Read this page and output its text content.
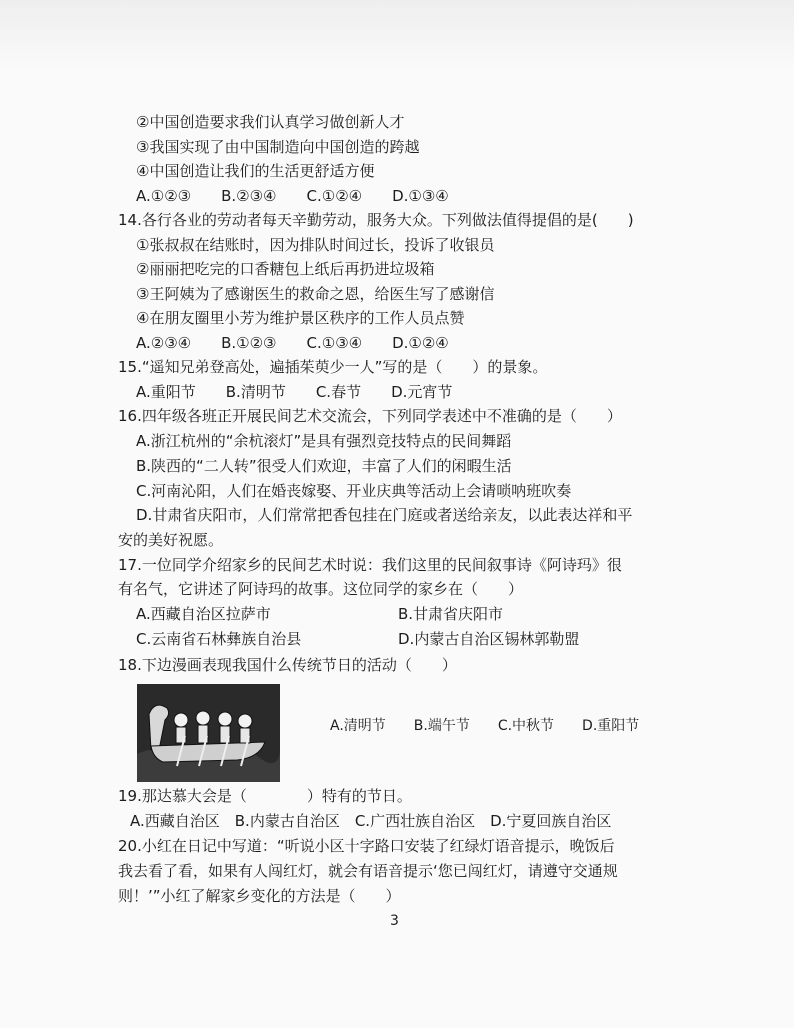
②中国创造要求我们认真学习做创新人才
③我国实现了由中国制造向中国创造的跨越
④中国创造让我们的生活更舒适方便
A.①②③　　B.②③④　　C.①②④　　D.①③④
14.各行各业的劳动者每天辛勤劳动，服务大众。下列做法值得提倡的是(　　)
①张叔叔在结账时，因为排队时间过长，投诉了收银员
②丽丽把吃完的口香糖包上纸后再扔进垃圾箱
③王阿姨为了感谢医生的救命之恩，给医生写了感谢信
④在朋友圈里小芳为维护景区秩序的工作人员点赞
A.②③④　　B.①②③　　C.①③④　　D.①②④
15.“遥知兄弟登高处，遍插茱萸少一人”写的是（　　）的景象。
A.重阳节　　B.清明节　　C.春节　　D.元宵节
16.四年级各班正开展民间艺术交流会，下列同学表述中不准确的是（　　）
A.浙江杭州的“余杭滚灯”是具有强烈竞技特点的民间舞蹈
B.陕西的“二人转”很受人们欢迎，丰富了人们的闲暇生活
C.河南沁阳，人们在婚丧嫁娶、开业庆典等活动上会请唢呐班吹奏
D.甘肃省庆阳市，人们常常把香包挂在门庭或者送给亲友，以此表达祥和平
安的美好祝愿。
17.一位同学介绍家乡的民间艺术时说：我们这里的民间叙事诗《阿诗玛》很
有名气，它讲述了阿诗玛的故事。这位同学的家乡在（　　）
A.西藏自治区拉萨市	B.甘肃省庆阳市
C.云南省石林彝族自治县	D.内蒙古自治区锡林郭勒盟
18.下边漫画表现我国什么传统节日的活动（　　）
A.清明节　　B.端午节　　C.中秋节　　D.重阳节
19.那达慕大会是（　　　　）特有的节日。
A.西藏自治区　B.内蒙古自治区　C.广西壮族自治区　D.宁夏回族自治区
20.小红在日记中写道：“听说小区十字路口安装了红绿灯语音提示，晚饭后
我去看了看，如果有人闯红灯，就会有语音提示‘您已闯红灯，请遵守交通规
则！’”小红了解家乡变化的方法是（　　）
3
